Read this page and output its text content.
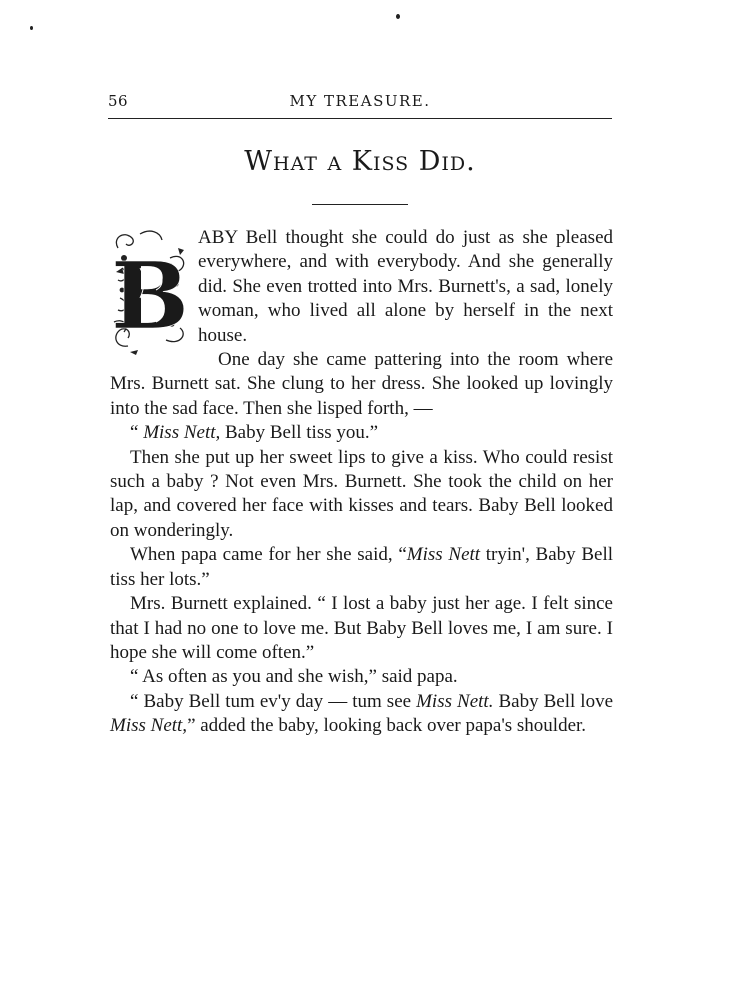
56	MY TREASURE.
What a Kiss Did.
B

ABY Bell thought she could do just as she pleased everywhere, and with everybody. And she generally did. She even trotted into Mrs. Burnett's, a sad, lonely woman, who lived all alone by herself in the next house.

One day she came pattering into the room where Mrs. Burnett sat. She clung to her dress. She looked up lovingly into the sad face. Then she lisped forth, —

“ Miss Nett, Baby Bell tiss you.”

Then she put up her sweet lips to give a kiss. Who could resist such a baby ? Not even Mrs. Burnett. She took the child on her lap, and covered her face with kisses and tears. Baby Bell looked on wonderingly.

When papa came for her she said, “Miss Nett tryin', Baby Bell tiss her lots.”

Mrs. Burnett explained. “ I lost a baby just her age. I felt since that I had no one to love me. But Baby Bell loves me, I am sure. I hope she will come often.”

“ As often as you and she wish,” said papa.

“ Baby Bell tum ev'y day — tum see Miss Nett. Baby Bell love Miss Nett,” added the baby, looking back over papa's shoulder.
